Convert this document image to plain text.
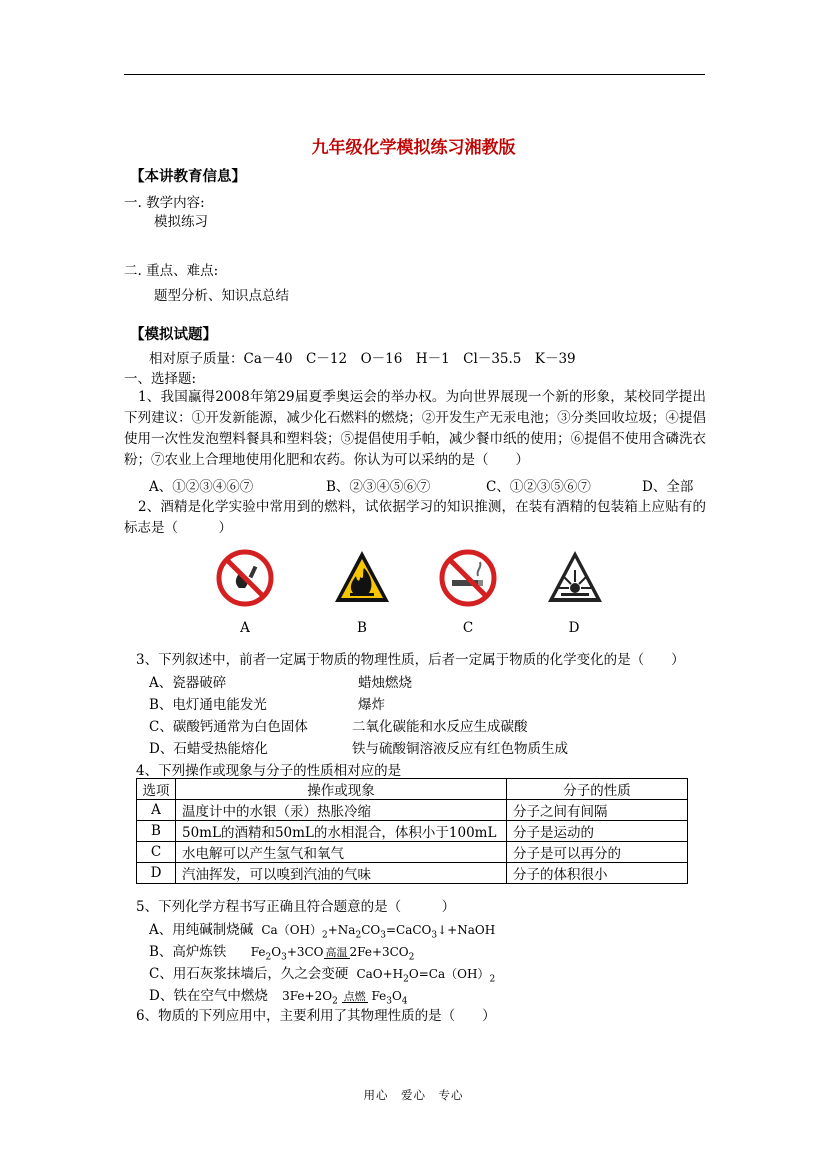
九年级化学模拟练习湘教版
【本讲教育信息】
一. 教学内容:
模拟练习
二. 重点、难点:
题型分析、知识点总结
【模拟试题】
相对原子质量：Ca－40　C－12　O－16　H－1　Cl－35.5　K－39
一、选择题:
1、我国赢得2008年第29届夏季奥运会的举办权。为向世界展现一个新的形象，某校同学提出下列建议：①开发新能源，减少化石燃料的燃烧；②开发生产无汞电池；③分类回收垃圾；④提倡使用一次性发泡塑料餐具和塑料袋；⑤提倡使用手帕，减少餐巾纸的使用；⑥提倡不使用含磷洗衣粉；⑦农业上合理地使用化肥和农药。你认为可以采纳的是（　　）
A、①②③④⑥⑦	B、②③④⑤⑥⑦	C、①②③⑤⑥⑦	D、全部
2、酒精是化学实验中常用到的燃料，试依据学习的知识推测，在装有酒精的包装箱上应贴有的标志是（　　　）
A	B	C	D
3、下列叙述中，前者一定属于物质的物理性质，后者一定属于物质的化学变化的是（　　）
A、瓷器破碎	蜡烛燃烧
B、电灯通电能发光	爆炸
C、碳酸钙通常为白色固体	二氧化碳能和水反应生成碳酸
D、石蜡受热能熔化	铁与硫酸铜溶液反应有红色物质生成
4、下列操作或现象与分子的性质相对应的是
选项	操作或现象	分子的性质
A	温度计中的水银（汞）热胀冷缩	分子之间有间隔
B	50mL的酒精和50mL的水相混合，体积小于100mL	分子是运动的
C	水电解可以产生氢气和氧气	分子是可以再分的
D	汽油挥发，可以嗅到汽油的气味	分子的体积很小
5、下列化学方程书写正确且符合题意的是（　　　）
A、用纯碱制烧碱  $Ca(OH)_2+Na_2CO_3=CaCO_3↓+NaOH$
B、高炉炼铁 $Fe_2O_3+3CO$ 高温 $2Fe+3CO_2$
C、用石灰浆抹墙后，久之会变硬  $CaO+H_2O=Ca(OH)_2$
D、铁在空气中燃烧 $3Fe+2O_2$ 点燃 $Fe_3O_4$
6、物质的下列应用中，主要利用了其物理性质的是（　　）
用心　爱心　专心
